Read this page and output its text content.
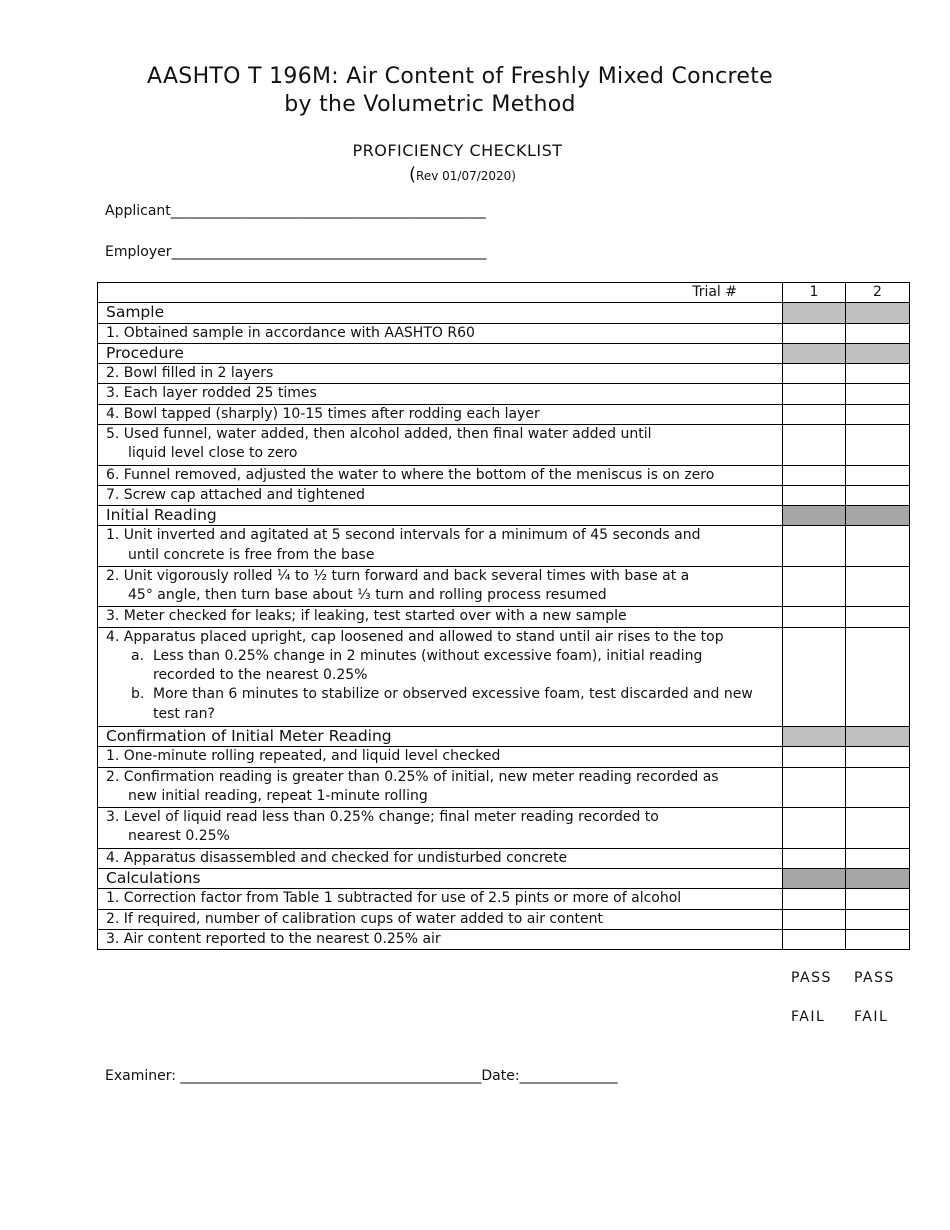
AASHTO T 196M: Air Content of Freshly Mixed Concrete
by the Volumetric Method
PROFICIENCY CHECKLIST
(Rev 01/07/2020)
Applicant_____________________________________________
Employer_____________________________________________
Trial #	1	2
Sample		
1. Obtained sample in accordance with AASHTO R60		
Procedure		
2. Bowl filled in 2 layers		
3. Each layer rodded 25 times		
4. Bowl tapped (sharply) 10-15 times after rodding each layer		
5. Used funnel, water added, then alcohol added, then final water added until
liquid level close to zero		

6. Funnel removed, adjusted the water to where the bottom of the meniscus is on zero		
7. Screw cap attached and tightened		
Initial Reading		
1. Unit inverted and agitated at 5 second intervals for a minimum of 45 seconds and
until concrete is free from the base		

2. Unit vigorously rolled ¼ to ½ turn forward and back several times with base at a
45° angle, then turn base about ⅓ turn and rolling process resumed		

3. Meter checked for leaks; if leaking, test started over with a new sample		
4. Apparatus placed upright, cap loosened and allowed to stand until air rises to the top
a. Less than 0.25% change in 2 minutes (without excessive foam), initial reading recorded to the nearest 0.25%
b. More than 6 minutes to stabilize or observed excessive foam, test discarded and new test ran?		

Confirmation of Initial Meter Reading		
1. One-minute rolling repeated, and liquid level checked		
2. Confirmation reading is greater than 0.25% of initial, new meter reading recorded as
new initial reading, repeat 1-minute rolling		

3. Level of liquid read less than 0.25% change; final meter reading recorded to
nearest 0.25%		

4. Apparatus disassembled and checked for undisturbed concrete		
Calculations		
1. Correction factor from Table 1 subtracted for use of 2.5 pints or more of alcohol		
2. If required, number of calibration cups of water added to air content		
3. Air content reported to the nearest 0.25% air		
PASS PASS
FAIL FAIL
Examiner: ___________________________________________Date:______________
